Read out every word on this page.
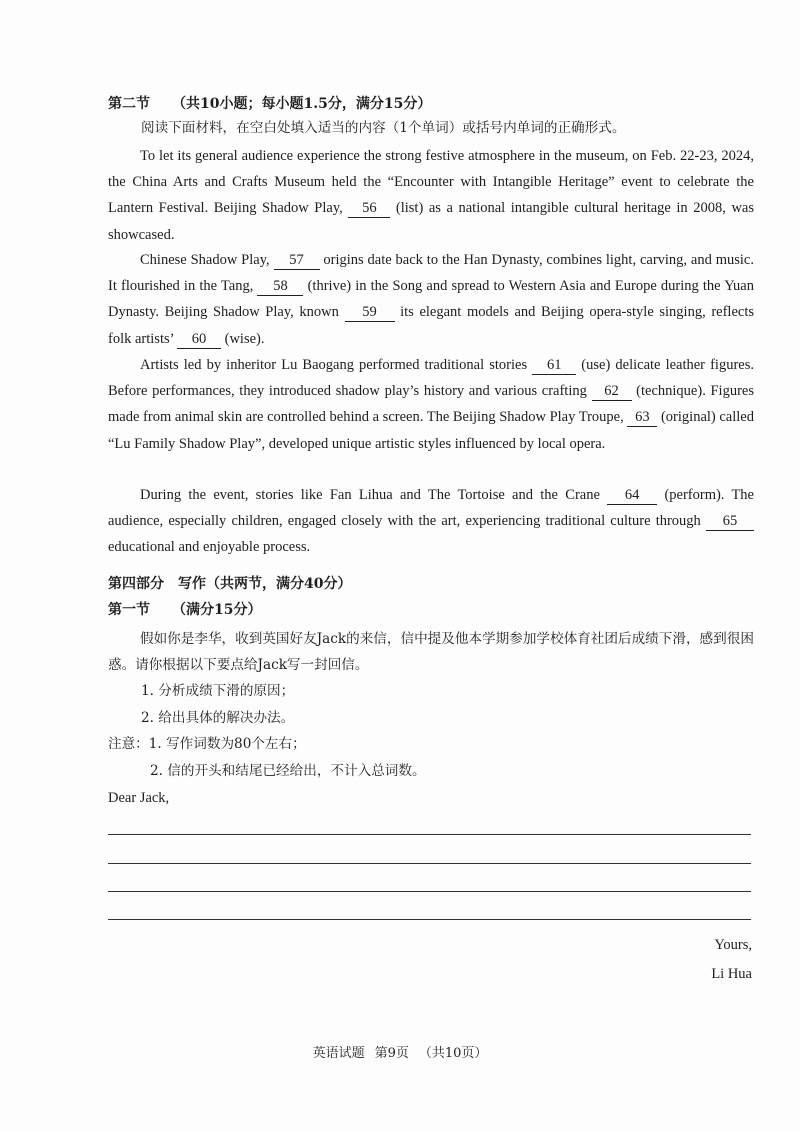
第二节 （共10小题；每小题1.5分，满分15分）
阅读下面材料，在空白处填入适当的内容（1个单词）或括号内单词的正确形式。
To let its general audience experience the strong festive atmosphere in the museum, on Feb. 22-23, 2024, the China Arts and Crafts Museum held the “Encounter with Intangible Heritage” event to celebrate the Lantern Festival. Beijing Shadow Play, 56 (list) as a national intangible cultural heritage in 2008, was showcased.
Chinese Shadow Play, 57 origins date back to the Han Dynasty, combines light, carving, and music. It flourished in the Tang, 58 (thrive) in the Song and spread to Western Asia and Europe during the Yuan Dynasty. Beijing Shadow Play, known 59 its elegant models and Beijing opera-style singing, reflects folk artists’ 60 (wise).
Artists led by inheritor Lu Baogang performed traditional stories 61 (use) delicate leather figures. Before performances, they introduced shadow play’s history and various crafting 62 (technique). Figures made from animal skin are controlled behind a screen. The Beijing Shadow Play Troupe, 63 (original) called “Lu Family Shadow Play”, developed unique artistic styles influenced by local opera.
During the event, stories like Fan Lihua and The Tortoise and the Crane 64 (perform). The audience, especially children, engaged closely with the art, experiencing traditional culture through 65 educational and enjoyable process.
第四部分　写作（共两节，满分40分）
第一节 （满分15分）
假如你是李华，收到英国好友Jack的来信，信中提及他本学期参加学校体育社团后成绩下滑，感到很困惑。请你根据以下要点给Jack写一封回信。
1. 分析成绩下滑的原因；
2. 给出具体的解决办法。
注意：1. 写作词数为80个左右；
2. 信的开头和结尾已经给出，不计入总词数。
Dear Jack,
Yours,
Li Hua
英语试题 第9页 （共10页）
